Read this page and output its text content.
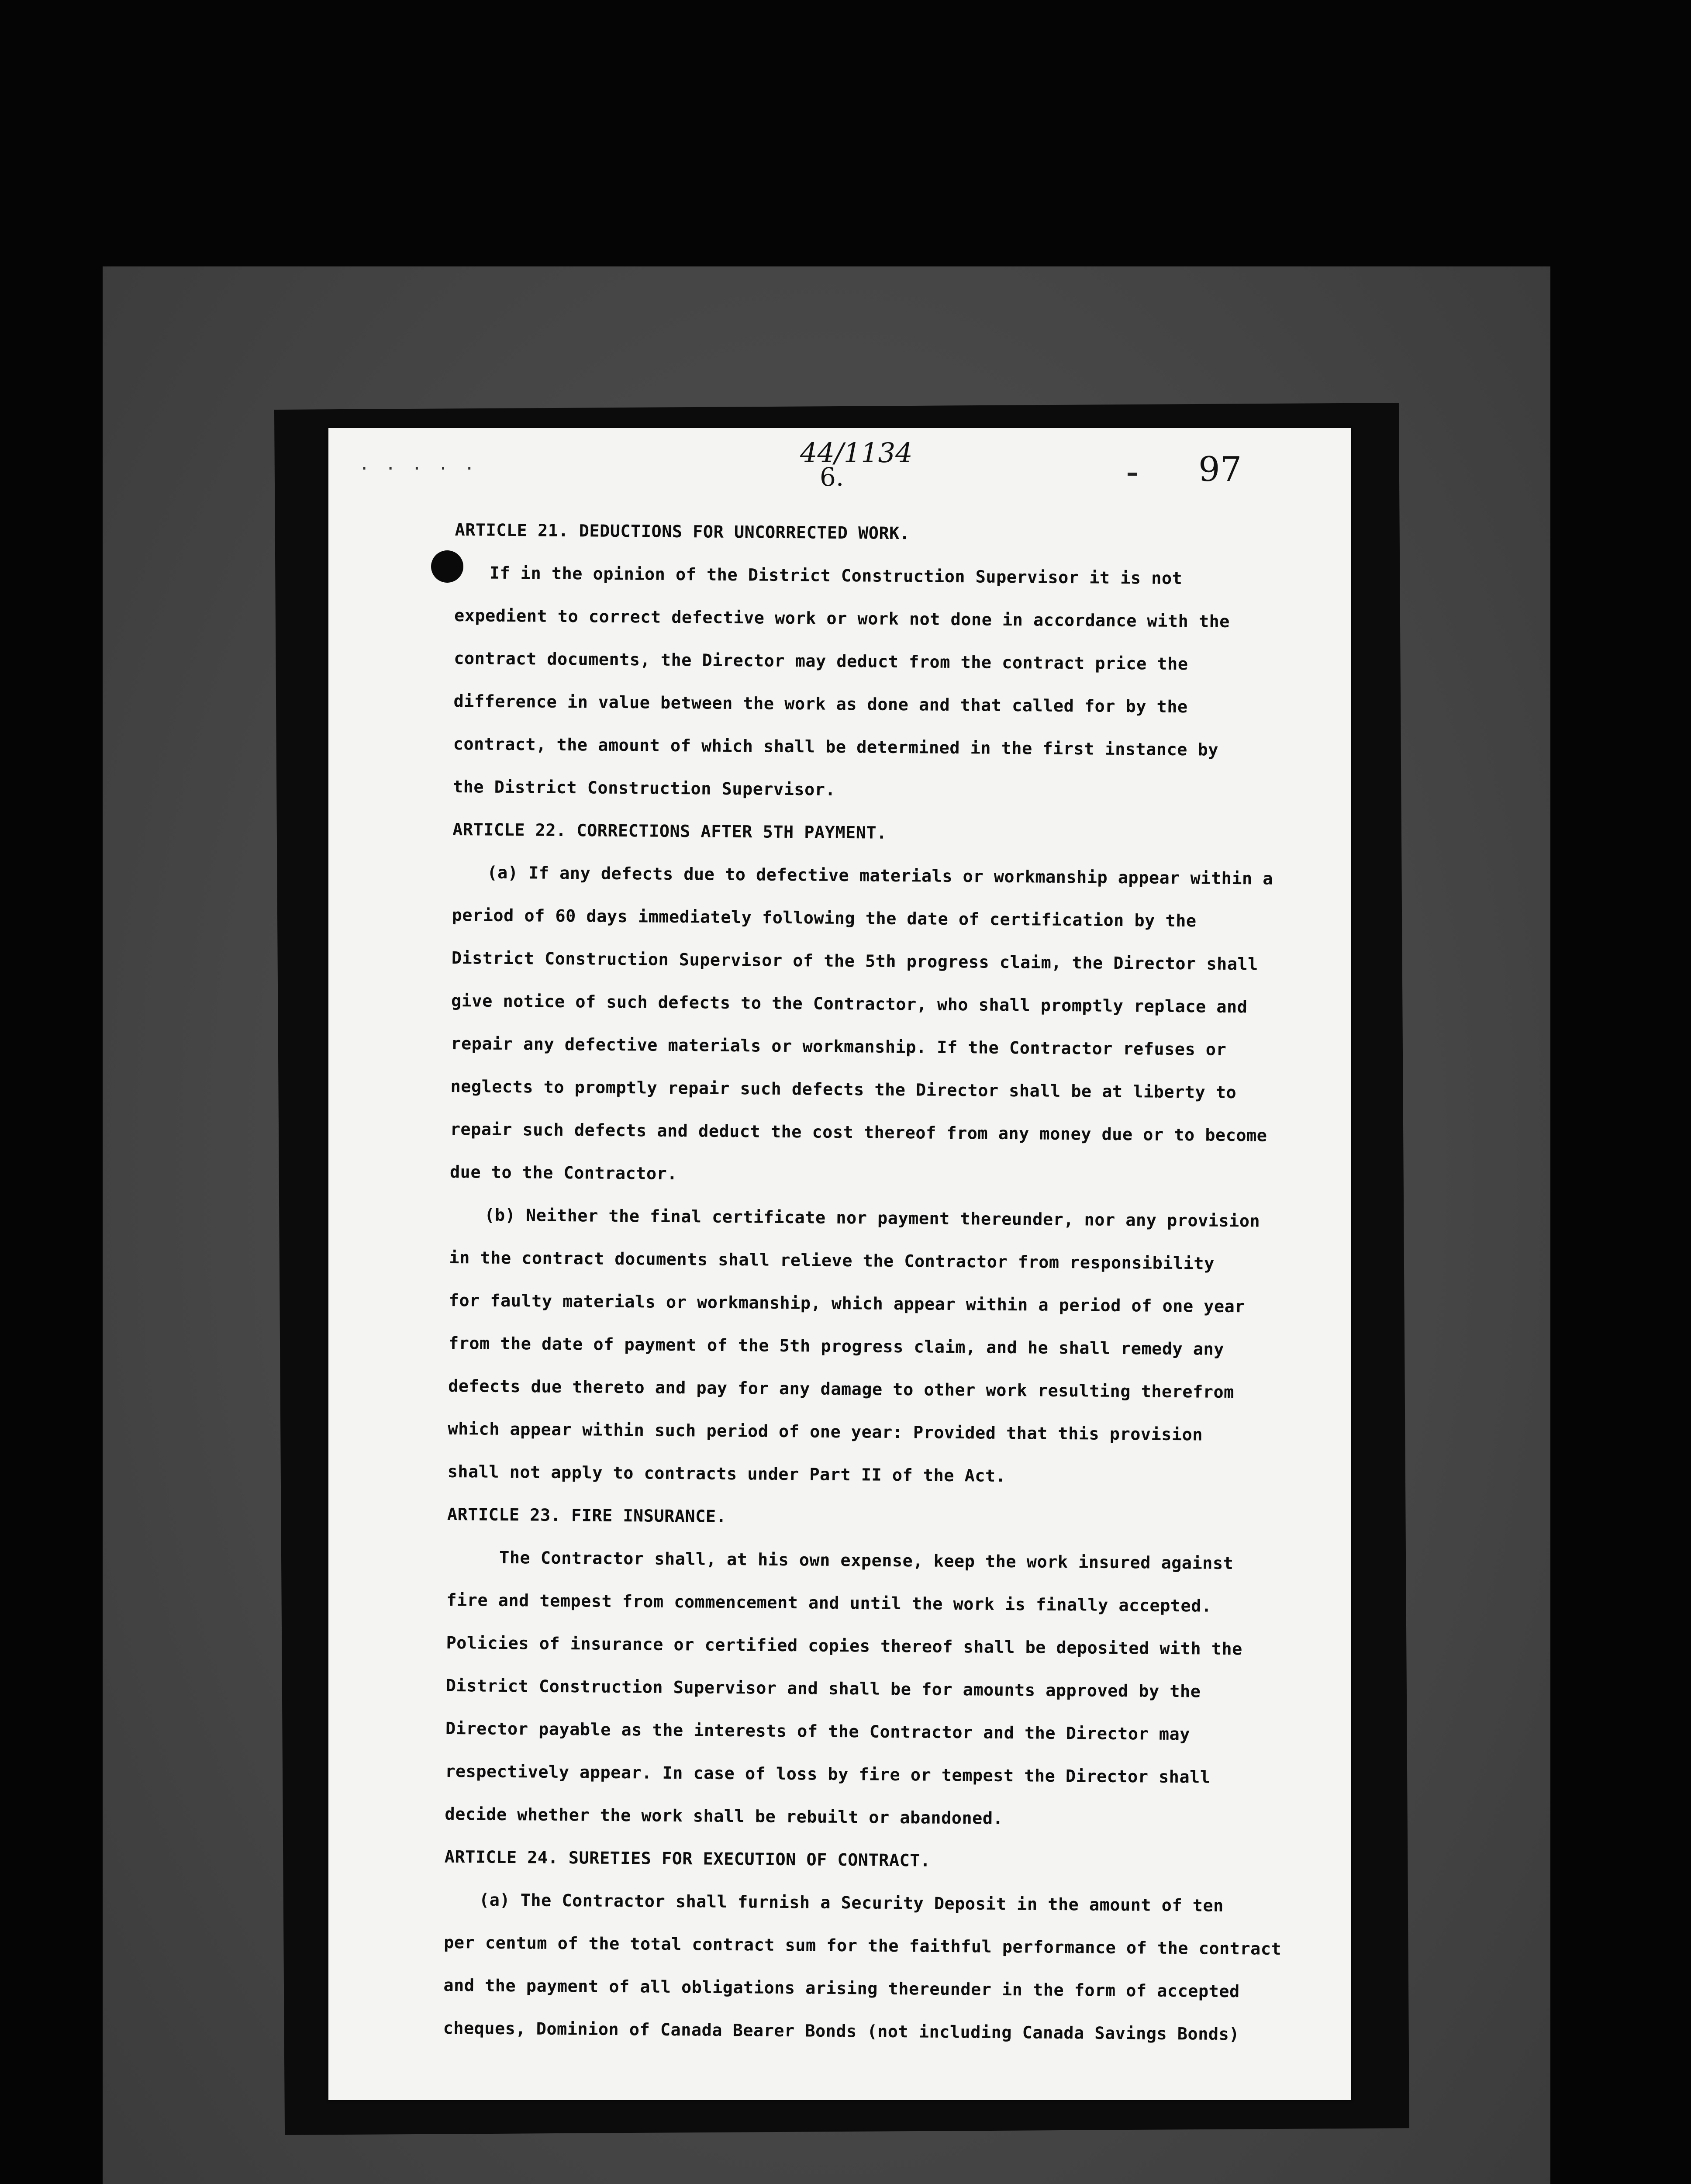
· · · · ·	44/1134
6.	97

ARTICLE 21. DEDUCTIONS FOR UNCORRECTED WORK.

If in the opinion of the District Construction Supervisor it is not

expedient to correct defective work or work not done in accordance with the

contract documents, the Director may deduct from the contract price the

difference in value between the work as done and that called for by the

contract, the amount of which shall be determined in the first instance by

the District Construction Supervisor.

ARTICLE 22. CORRECTIONS AFTER 5TH PAYMENT.

(a) If any defects due to defective materials or workmanship appear within a

period of 60 days immediately following the date of certification by the

District Construction Supervisor of the 5th progress claim, the Director shall

give notice of such defects to the Contractor, who shall promptly replace and

repair any defective materials or workmanship. If the Contractor refuses or

neglects to promptly repair such defects the Director shall be at liberty to

repair such defects and deduct the cost thereof from any money due or to become

due to the Contractor.

(b) Neither the final certificate nor payment thereunder, nor any provision

in the contract documents shall relieve the Contractor from responsibility

for faulty materials or workmanship, which appear within a period of one year

from the date of payment of the 5th progress claim, and he shall remedy any

defects due thereto and pay for any damage to other work resulting therefrom

which appear within such period of one year: Provided that this provision

shall not apply to contracts under Part II of the Act.

ARTICLE 23. FIRE INSURANCE.

The Contractor shall, at his own expense, keep the work insured against

fire and tempest from commencement and until the work is finally accepted.

Policies of insurance or certified copies thereof shall be deposited with the

District Construction Supervisor and shall be for amounts approved by the

Director payable as the interests of the Contractor and the Director may

respectively appear. In case of loss by fire or tempest the Director shall

decide whether the work shall be rebuilt or abandoned.

ARTICLE 24. SURETIES FOR EXECUTION OF CONTRACT.

(a) The Contractor shall furnish a Security Deposit in the amount of ten

per centum of the total contract sum for the faithful performance of the contract

and the payment of all obligations arising thereunder in the form of accepted

cheques, Dominion of Canada Bearer Bonds (not including Canada Savings Bonds)
